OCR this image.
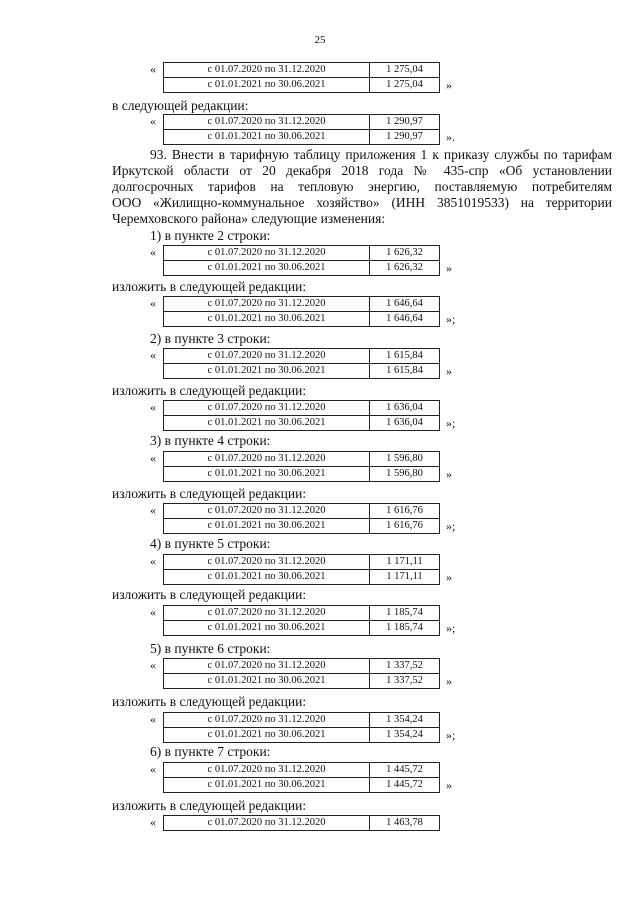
25
«	с 01.07.2020 по 31.12.2020	1 275,04
с 01.01.2021 по 30.06.2021	1 275,04 »
в следующей редакции:
«	с 01.07.2020 по 31.12.2020	1 290,97
с 01.01.2021 по 30.06.2021	1 290,97 ».
93. Внести в тарифную таблицу приложения 1 к приказу службы по тарифам
Иркутской области от 20 декабря 2018 года № 435-спр «Об установлении
долгосрочных тарифов на тепловую энергию, поставляемую потребителям
ООО «Жилищно-коммунальное хозяйство» (ИНН 3851019533) на территории
Черемховского района» следующие изменения:
1) в пункте 2 строки:
«	с 01.07.2020 по 31.12.2020	1 626,32
с 01.01.2021 по 30.06.2021	1 626,32 »
изложить в следующей редакции:
«	с 01.07.2020 по 31.12.2020	1 646,64
с 01.01.2021 по 30.06.2021	1 646,64 »;
2) в пункте 3 строки:
«	с 01.07.2020 по 31.12.2020	1 615,84
с 01.01.2021 по 30.06.2021	1 615,84 »
изложить в следующей редакции:
«	с 01.07.2020 по 31.12.2020	1 636,04
с 01.01.2021 по 30.06.2021	1 636,04 »;
3) в пункте 4 строки:
«	с 01.07.2020 по 31.12.2020	1 596,80
с 01.01.2021 по 30.06.2021	1 596,80 »
изложить в следующей редакции:
«	с 01.07.2020 по 31.12.2020	1 616,76
с 01.01.2021 по 30.06.2021	1 616,76 »;
4) в пункте 5 строки:
«	с 01.07.2020 по 31.12.2020	1 171,11
с 01.01.2021 по 30.06.2021	1 171,11 »
изложить в следующей редакции:
«	с 01.07.2020 по 31.12.2020	1 185,74
с 01.01.2021 по 30.06.2021	1 185,74 »;
5) в пункте 6 строки:
«	с 01.07.2020 по 31.12.2020	1 337,52
с 01.01.2021 по 30.06.2021	1 337,52 »
изложить в следующей редакции:
«	с 01.07.2020 по 31.12.2020	1 354,24
с 01.01.2021 по 30.06.2021	1 354,24 »;
6) в пункте 7 строки:
«	с 01.07.2020 по 31.12.2020	1 445,72
с 01.01.2021 по 30.06.2021	1 445,72 »
изложить в следующей редакции:
«	с 01.07.2020 по 31.12.2020	1 463,78
